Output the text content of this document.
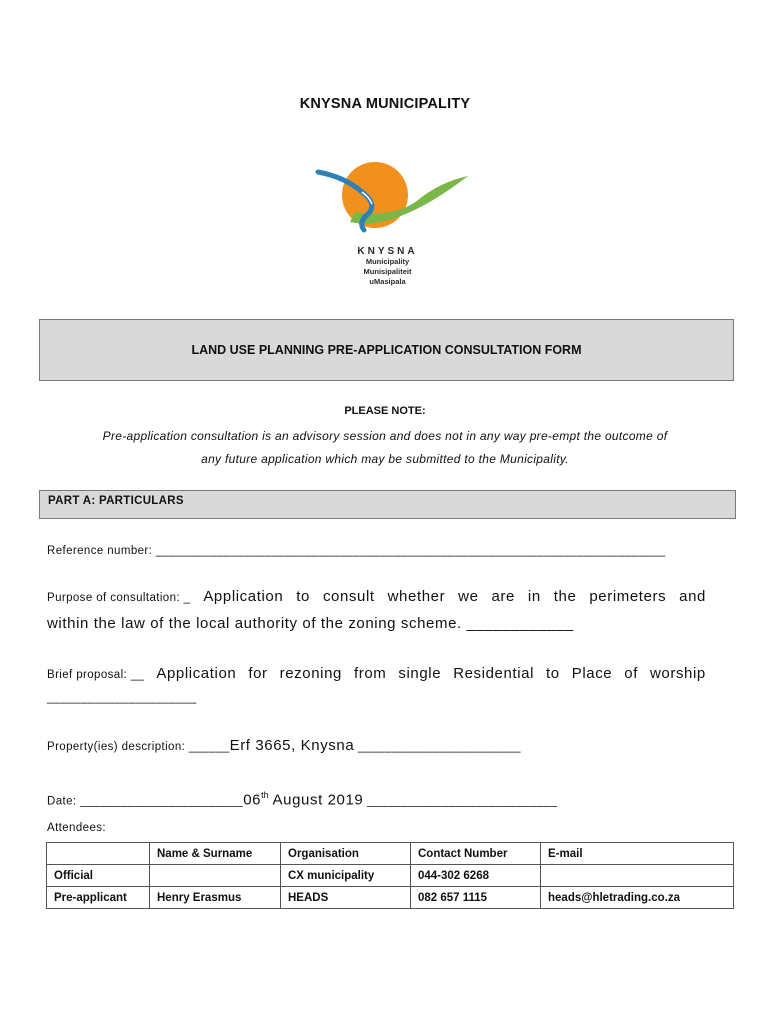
KNYSNA MUNICIPALITY
KNYSNA
Municipality
Munisipaliteit
uMasipala
LAND USE PLANNING PRE-APPLICATION CONSULTATION FORM
PLEASE NOTE:
Pre-application consultation is an advisory session and does not in any way pre-empt the outcome of
any future application which may be submitted to the Municipality.
PART A: PARTICULARS
Reference number: ___________________________________________________________________________
Purpose of consultation: _ Application to consult whether we are in the perimeters and
within the law of the local authority of the zoning scheme. ____________
Brief proposal: __ Application for rezoning from single Residential to Place of worship
______________________
Property(ies) description: ______Erf 3665, Knysna ________________________
Date: ________________________06th August 2019 ____________________________
Attendees:
	Name & Surname	Organisation	Contact Number	E-mail
Official		CX municipality	044-302 6268	
Pre-applicant	Henry Erasmus	HEADS	082 657 1115	heads@hletrading.co.za
